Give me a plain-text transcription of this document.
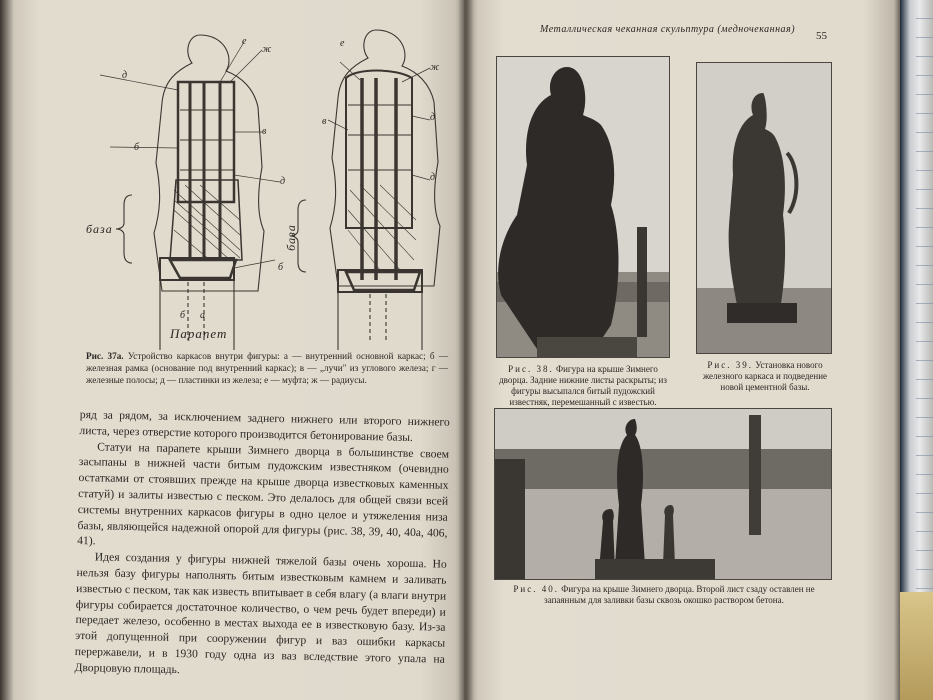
е
ж
д
в
б
д
б
б а
е
ж
д
в
д
база	база
Парапет
Рис. 37а. Устройство каркасов внутри фигуры: а — внутренний основной каркас; б — железная рамка (основание под внутренний каркас); в — „лучи" из углового железа; г — железные полосы; д — пластинки из железа; е — муфта; ж — радиусы.

ряд за рядом, за исключением заднего нижнего или второго нижнего листа, через отверстие которого производится бетонирование базы.

Статуи на парапете крыши Зимнего дворца в большинстве своем засыпаны в нижней части битым пудожским известняком (очевидно остатками от стоявших прежде на крыше дворца известковых каменных статуй) и залиты известью с песком. Это делалось для общей связи всей системы внутренних каркасов фигуры в одно целое и утяжеления низа базы, являющейся надежной опорой для фигуры (рис. 38, 39, 40, 40а, 406, 41).

Идея создания у фигуры нижней тяжелой базы очень хороша. Но нельзя базу фигуры наполнять битым известковым камнем и заливать известью с песком, так как известь впитывает в себя влагу (а влаги внутри фигуры собирается достаточное количество, о чем речь будет впереди) и передает железо, особенно в местах выхода ее в известковую базу. Из-за этой допущенной при сооружении фигур и ваз ошибки каркасы перержавели, и в 1930 году одна из ваз вследствие этого упала на Дворцовую площадь.

Металлическая чеканная скульптура (медночеканная)
55
Рис. 38. Фигура на крыше Зимнего дворца. Задние нижние листы раскрыты; из фигуры высыпался битый пудожский известняк, перемешанный с известью.
Рис. 39. Установка нового железного каркаса и подведение новой цементной базы.
Рис. 40. Фигура на крыше Зимнего дворца. Второй лист сзаду оставлен не запаянным для заливки базы сквозь окошко раствором бетона.
